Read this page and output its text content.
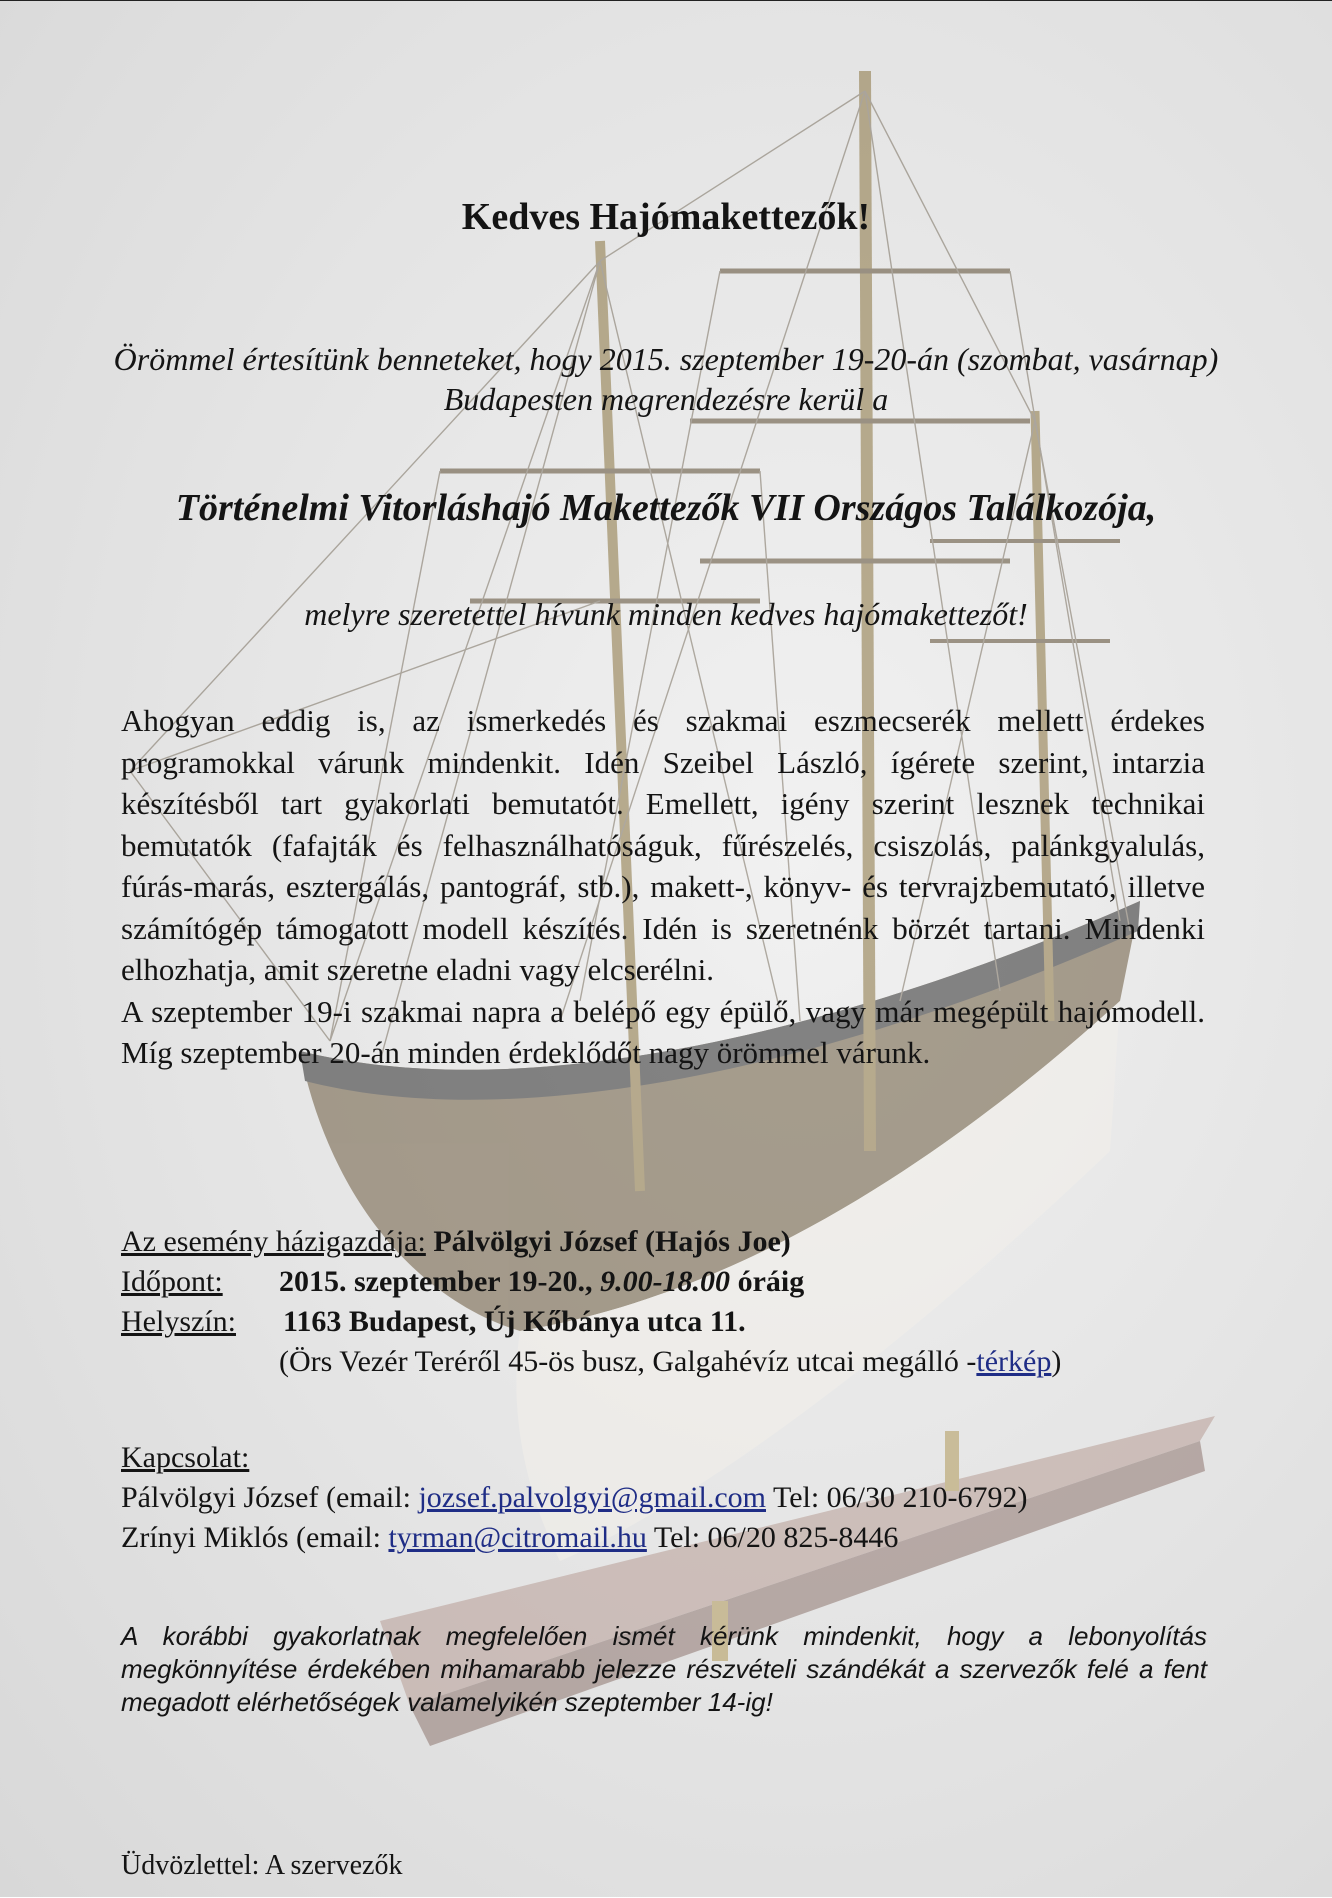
Kedves Hajómakettezők!
Örömmel értesítünk benneteket, hogy 2015. szeptember 19-20-án (szombat, vasárnap)
Budapesten megrendezésre kerül a
Történelmi Vitorláshajó Makettezők VII Országos Találkozója,
melyre szeretettel hívunk minden kedves hajómakettezőt!

Ahogyan eddig is, az ismerkedés és szakmai eszmecserék mellett érdekes programokkal várunk mindenkit. Idén Szeibel László, ígérete szerint, intarzia készítésből tart gyakorlati bemutatót. Emellett, igény szerint lesznek technikai bemutatók (fafajták és felhasználhatóságuk, fűrészelés, csiszolás, palánkgyalulás, fúrás-marás, esztergálás, pantográf, stb.), makett-, könyv- és tervrajzbemutató, illetve számítógép támogatott modell készítés. Idén is szeretnénk börzét tartani. Mindenki elhozhatja, amit szeretne eladni vagy elcserélni.

A szeptember 19-i szakmai napra a belépő egy épülő, vagy már megépült hajómodell. Míg szeptember 20-án minden érdeklődőt nagy örömmel várunk.

Az esemény házigazdája:
Pálvölgyi József (Hajós Joe)
Időpont:	2015. szeptember 19-20.,
9.00-18.00
óráig
Helyszín:	1163 Budapest, Új Kőbánya utca 11.
(Örs Vezér Teréről 45-ös busz, Galgahévíz utcai megálló - térkép )
Kapcsolat:
Pálvölgyi József (email: jozsef.palvolgyi@gmail.com Tel: 06/30 210-6792)
Zrínyi Miklós (email: tyrman@citromail.hu Tel: 06/20 825-8446
A korábbi gyakorlatnak megfelelően ismét kérünk mindenkit, hogy a lebonyolítás megkönnyítése érdekében mihamarabb jelezze részvételi szándékát a szervezők felé a fent megadott elérhetőségek valamelyikén szeptember 14-ig!
Üdvözlettel: A szervezők
